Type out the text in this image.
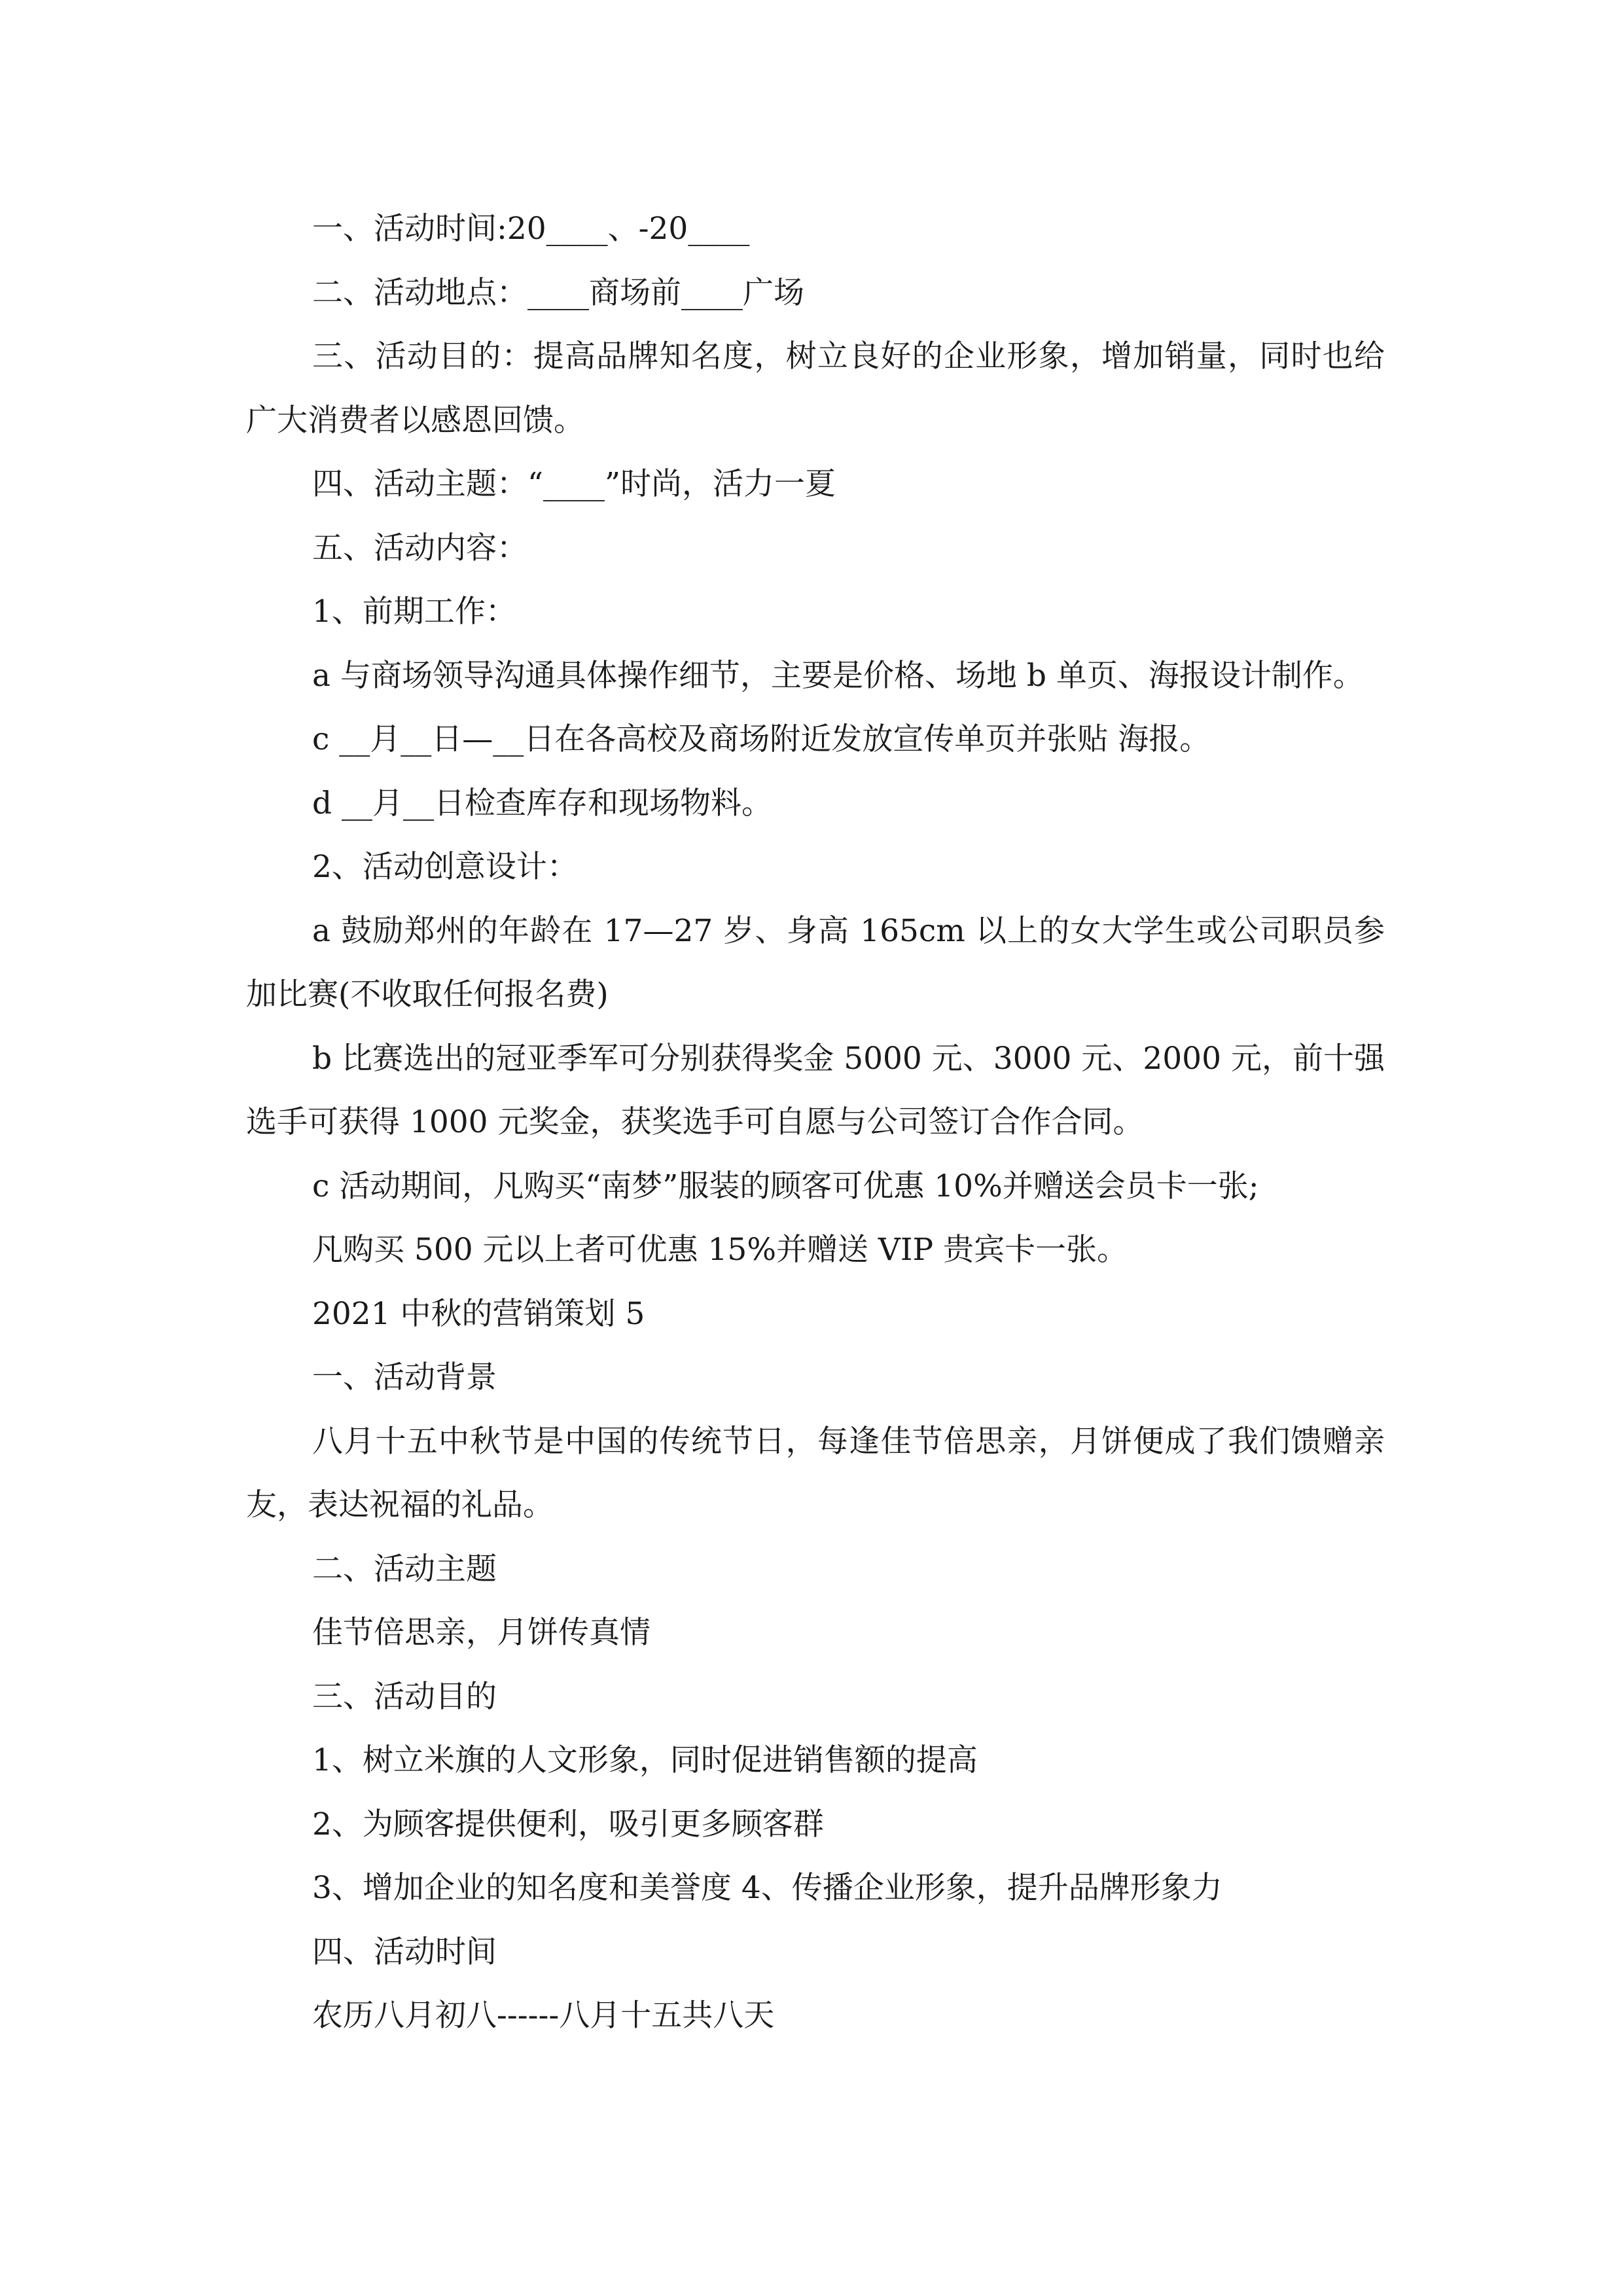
一、活动时间:20____、-20____

二、活动地点：____商场前____广场

三、活动目的：提高品牌知名度，树立良好的企业形象，增加销量，同时也给广大消费者以感恩回馈。

四、活动主题：“____”时尚，活力一夏

五、活动内容：

1、前期工作：

a 与商场领导沟通具体操作细节，主要是价格、场地 b 单页、海报设计制作。

c __月__日—__日在各高校及商场附近发放宣传单页并张贴 海报。

d __月__日检查库存和现场物料。

2、活动创意设计：

a 鼓励郑州的年龄在 17—27 岁、身高 165cm 以上的女大学生或公司职员参加比赛(不收取任何报名费)

b 比赛选出的冠亚季军可分别获得奖金 5000 元、3000 元、2000 元，前十强选手可获得 1000 元奖金，获奖选手可自愿与公司签订合作合同。

c 活动期间，凡购买“南梦”服装的顾客可优惠 10%并赠送会员卡一张;

凡购买 500 元以上者可优惠 15%并赠送 VIP 贵宾卡一张。

2021 中秋的营销策划 5

一、活动背景

八月十五中秋节是中国的传统节日，每逢佳节倍思亲，月饼便成了我们馈赠亲友，表达祝福的礼品。

二、活动主题

佳节倍思亲，月饼传真情

三、活动目的

1、树立米旗的人文形象，同时促进销售额的提高

2、为顾客提供便利，吸引更多顾客群

3、增加企业的知名度和美誉度 4、传播企业形象，提升品牌形象力

四、活动时间

农历八月初八------八月十五共八天
